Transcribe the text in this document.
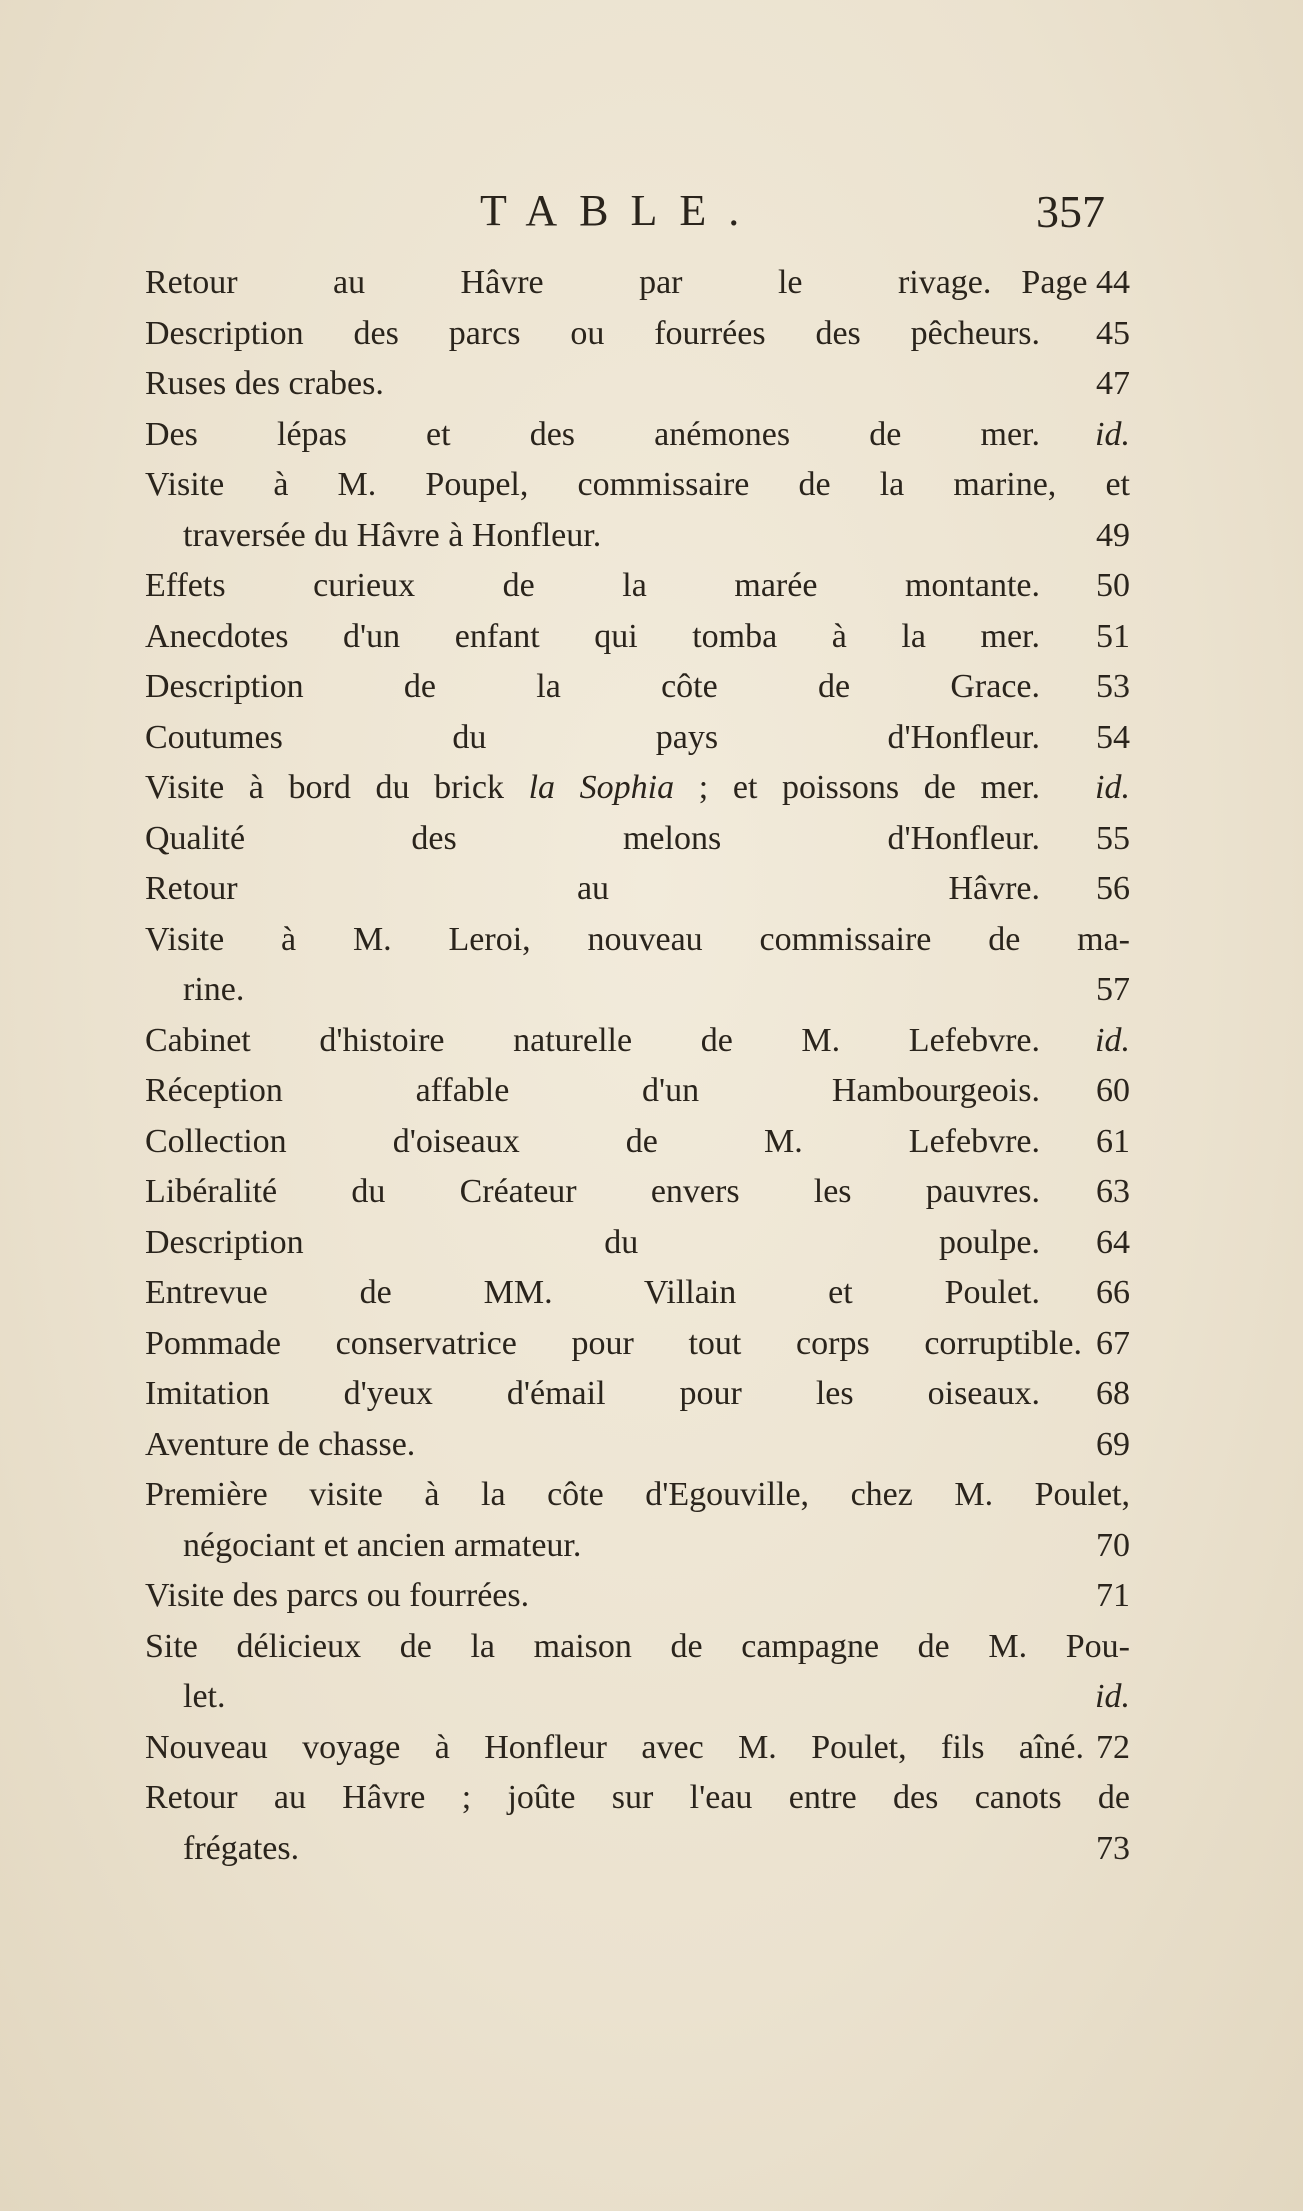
TABLE.	357
Retour au Hâvre par le rivage. Page 44
Description des parcs ou fourrées des pêcheurs.	45
Ruses des crabes.	47
Des lépas et des anémones de mer.	id.
Visite à M. Poupel, commissaire de la marine, et
traversée du Hâvre à Honfleur.	49
Effets curieux de la marée montante.	50
Anecdotes d'un enfant qui tomba à la mer.	51
Description de la côte de Grace.	53
Coutumes du pays d'Honfleur.	54
Visite à bord du brick la Sophia ; et poissons de mer.	id.
Qualité des melons d'Honfleur.	55
Retour au Hâvre.	56
Visite à M. Leroi, nouveau commissaire de ma-
rine.	57
Cabinet d'histoire naturelle de M. Lefebvre.	id.
Réception affable d'un Hambourgeois.	60
Collection d'oiseaux de M. Lefebvre.	61
Libéralité du Créateur envers les pauvres.	63
Description du poulpe.	64
Entrevue de MM. Villain et Poulet.	66
Pommade conservatrice pour tout corps corruptible. 67
Imitation d'yeux d'émail pour les oiseaux.	68
Aventure de chasse.	69
Première visite à la côte d'Egouville, chez M. Poulet,
négociant et ancien armateur.	70
Visite des parcs ou fourrées.	71
Site délicieux de la maison de campagne de M. Pou-
let.	id.
Nouveau voyage à Honfleur avec M. Poulet, fils aîné. 72
Retour au Hâvre ; joûte sur l'eau entre des canots de
frégates.	73
